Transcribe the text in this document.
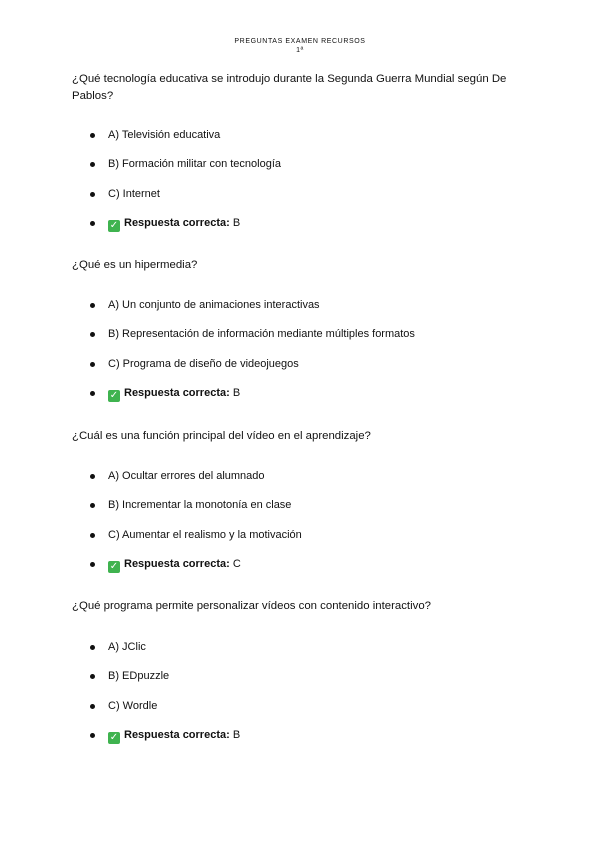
PREGUNTAS EXAMEN RECURSOS
1ª
¿Qué tecnología educativa se introdujo durante la Segunda Guerra Mundial según De Pablos?
A) Televisión educativa
B) Formación militar con tecnología
C) Internet
✓ Respuesta correcta: B
¿Qué es un hipermedia?
A) Un conjunto de animaciones interactivas
B) Representación de información mediante múltiples formatos
C) Programa de diseño de videojuegos
✓ Respuesta correcta: B
¿Cuál es una función principal del vídeo en el aprendizaje?
A) Ocultar errores del alumnado
B) Incrementar la monotonía en clase
C) Aumentar el realismo y la motivación
✓ Respuesta correcta: C
¿Qué programa permite personalizar vídeos con contenido interactivo?
A) JClic
B) EDpuzzle
C) Wordle
✓ Respuesta correcta: B
